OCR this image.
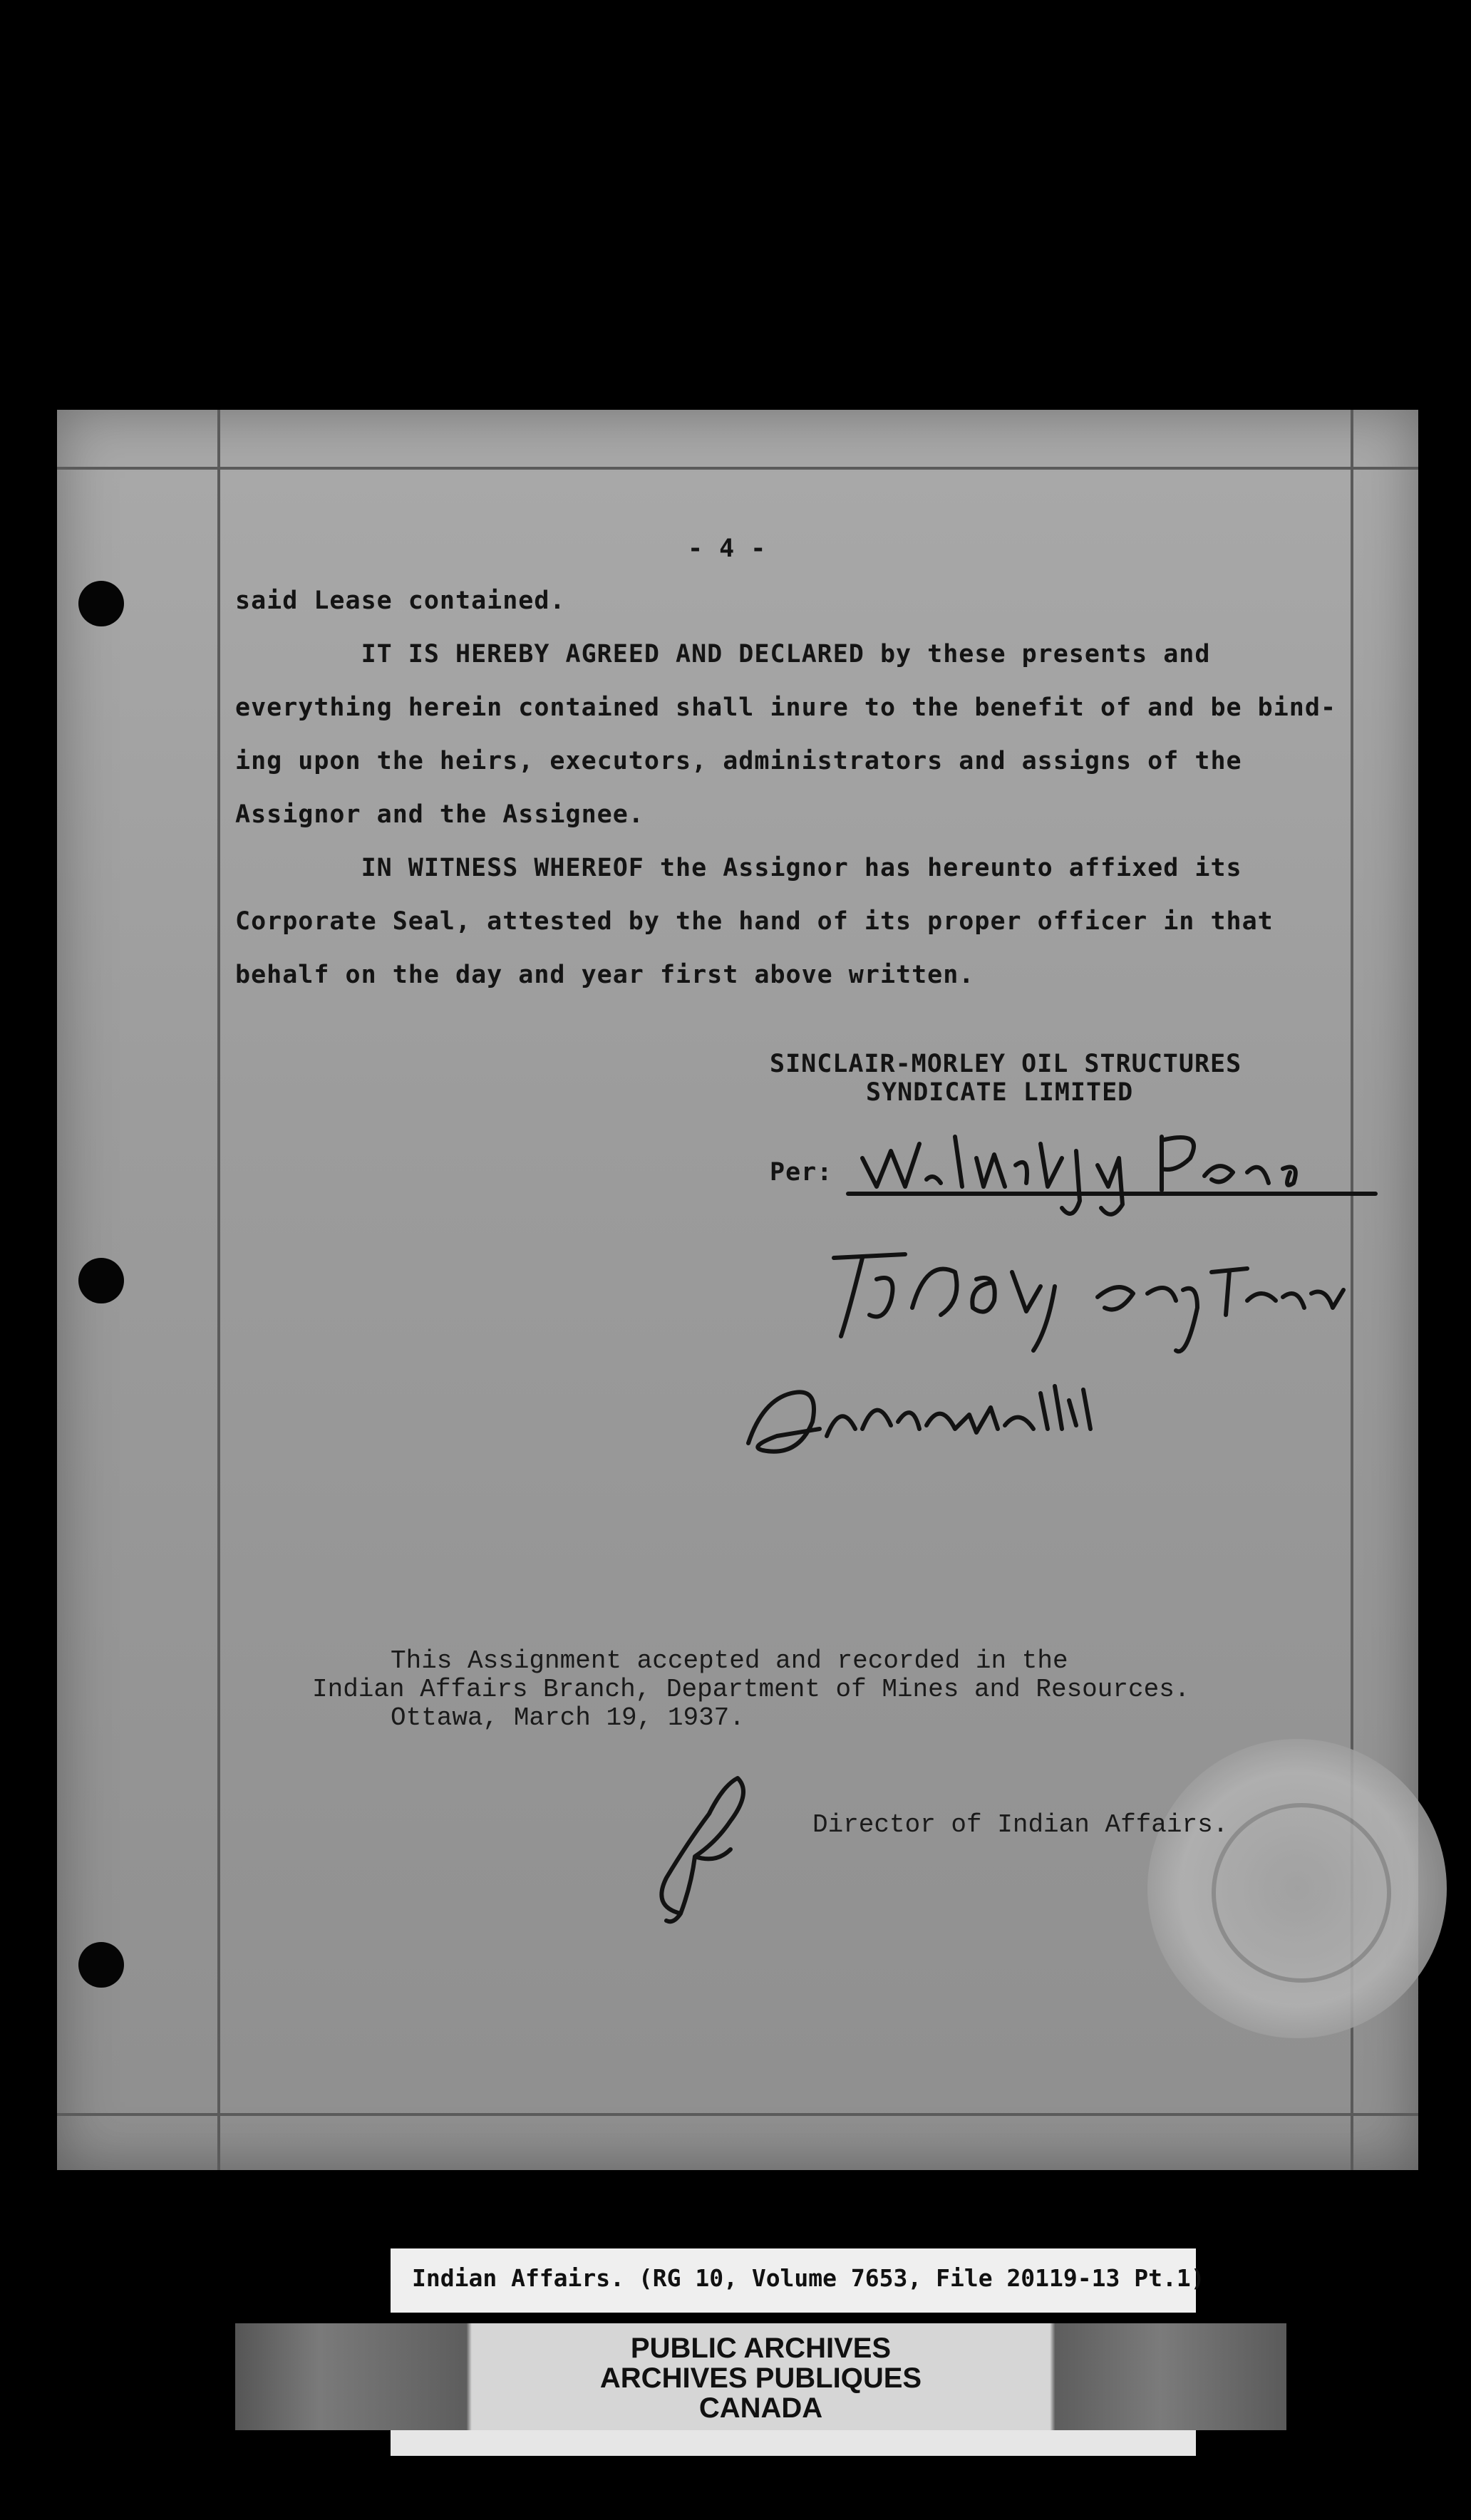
- 4 -
said Lease contained.
IT IS HEREBY AGREED AND DECLARED by these presents and
everything herein contained shall inure to the benefit of and be bind-
ing upon the heirs, executors, administrators and assigns of the
Assignor and the Assignee.
IN WITNESS WHEREOF the Assignor has hereunto affixed its
Corporate Seal, attested by the hand of its proper officer in that
behalf on the day and year first above written.
SINCLAIR-MORLEY OIL STRUCTURES
SYNDICATE LIMITED
Per:
This Assignment accepted and recorded in the
Indian Affairs Branch, Department of Mines and Resources.
Ottawa, March 19, 1937.
Director of Indian Affairs.
Indian Affairs. (RG 10, Volume 7653, File 20119-13 Pt.1)
PUBLIC ARCHIVES
ARCHIVES PUBLIQUES
CANADA
